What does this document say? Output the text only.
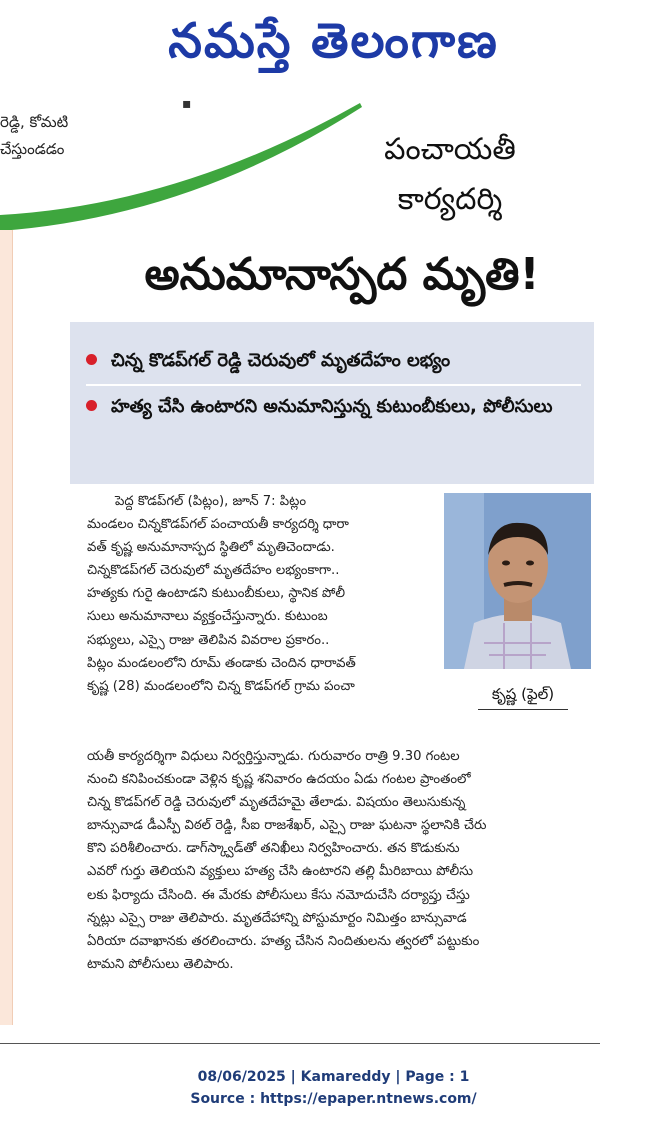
నమస్తే తెలంగాణ
రెడ్డి, కోమటి
చేస్తుండడం
▪
పంచాయతీ
కార్యదర్శి
అనుమానాస్పద మృతి!
చిన్న కొడప్‌గల్ రెడ్డి చెరువులో మృతదేహం లభ్యం
హత్య చేసి ఉంటారని అనుమానిస్తున్న కుటుంబీకులు, పోలీసులు
పెద్ద కొడప్‌గల్ (పిట్లం), జూన్ 7: పిట్లం
మండలం చిన్నకొడప్‌గల్ పంచాయతీ కార్యదర్శి ధారా
వత్ కృష్ణ అనుమానాస్పద స్థితిలో మృతిచెందాడు.
చిన్నకొడప్‌గల్ చెరువులో మృతదేహం లభ్యంకాగా..
హత్యకు గురై ఉంటాడని కుటుంబీకులు, స్థానిక పోలీ
సులు అనుమానాలు వ్యక్తంచేస్తున్నారు. కుటుంబ
సభ్యులు, ఎస్సై రాజు తెలిపిన వివరాల ప్రకారం..
పిట్లం మండలంలోని రూమ్ తండాకు చెందిన ధారావత్
కృష్ణ (28) మండలంలోని చిన్న కొడప్‌గల్ గ్రామ పంచా	కృష్ణ (ఫైల్)
యతీ కార్యదర్శిగా విధులు నిర్వర్తిస్తున్నాడు. గురువారం రాత్రి 9.30 గంటల
నుంచి కనిపించకుండా వెళ్లిన కృష్ణ శనివారం ఉదయం ఏడు గంటల ప్రాంతంలో
చిన్న కొడప్‌గల్ రెడ్డి చెరువులో మృతదేహమై తేలాడు. విషయం తెలుసుకున్న
బాన్సువాడ డీఎస్పీ విఠల్ రెడ్డి, సీఐ రాజశేఖర్, ఎస్సై రాజు ఘటనా స్థలానికి చేరు
కొని పరిశీలించారు. డాగ్‌స్క్వాడ్‌తో తనిఖీలు నిర్వహించారు. తన కొడుకును
ఎవరో గుర్తు తెలియని వ్యక్తులు హత్య చేసి ఉంటారని తల్లి మీరిబాయి పోలీసు
లకు ఫిర్యాదు చేసింది. ఈ మేరకు పోలీసులు కేసు నమోదుచేసి దర్యాప్తు చేస్తు
న్నట్లు ఎస్సై రాజు తెలిపారు. మృతదేహాన్ని పోస్టుమార్టం నిమిత్తం బాన్సువాడ
ఏరియా దవాఖానకు తరలించారు. హత్య చేసిన నిందితులను త్వరలో పట్టుకుం
టామని పోలీసులు తెలిపారు.
08/06/2025 | Kamareddy | Page : 1
Source : https://epaper.ntnews.com/
